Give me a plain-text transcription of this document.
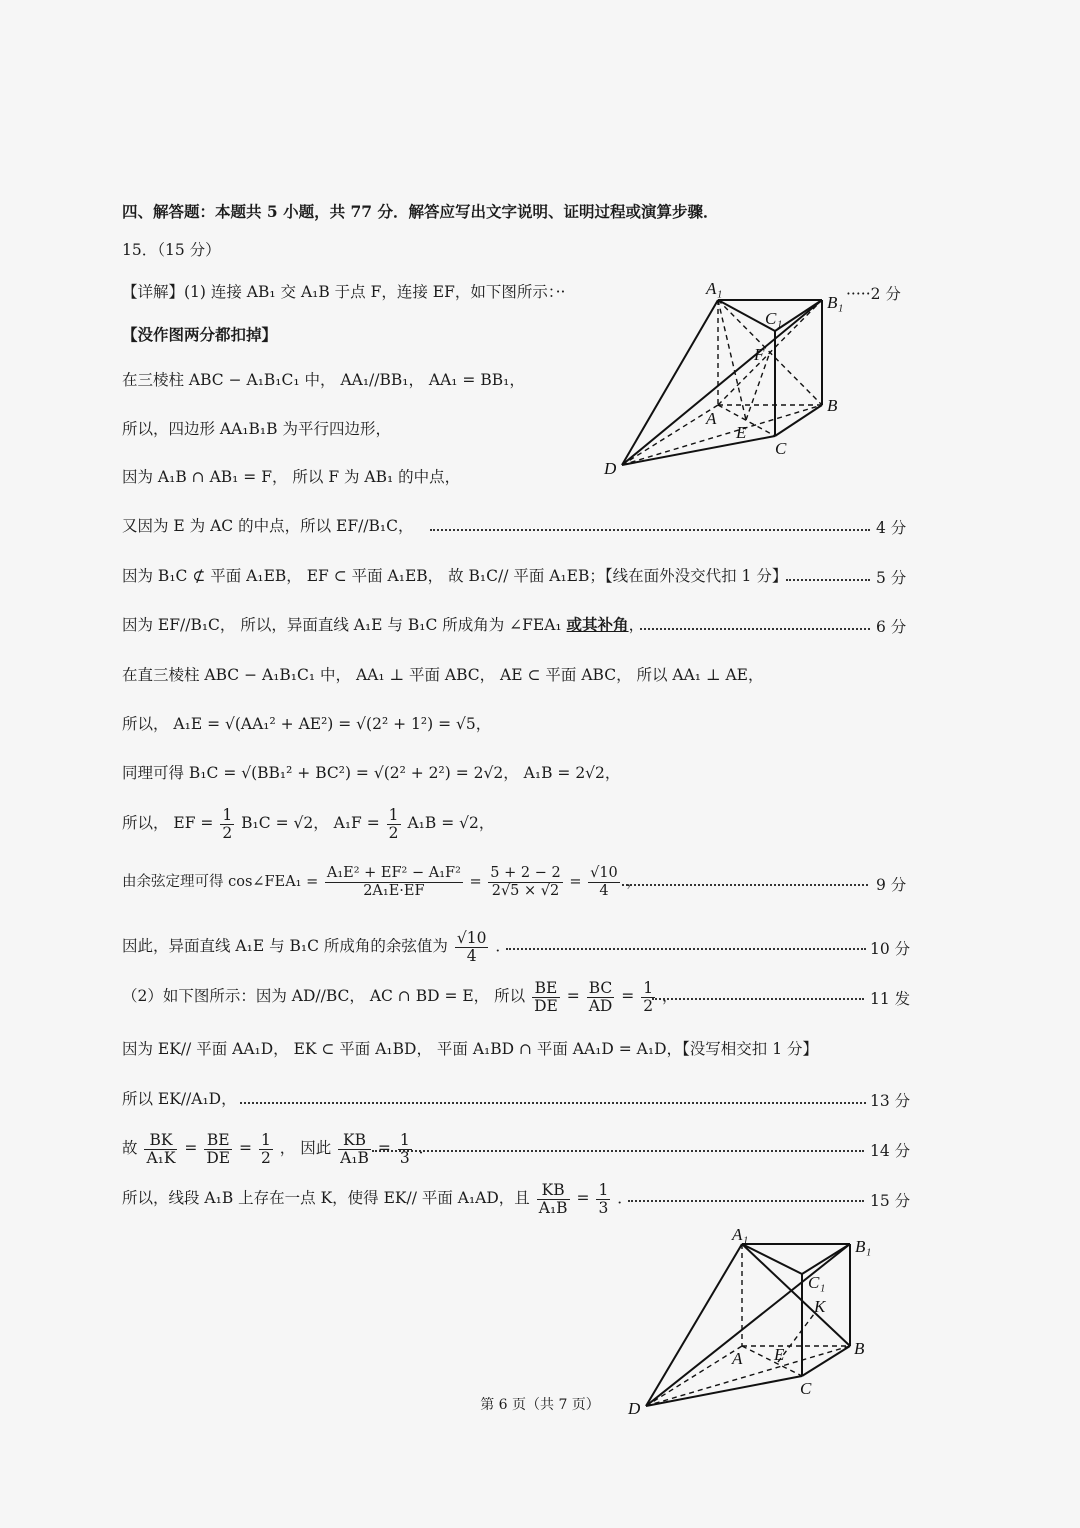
四、解答题：本题共 5 小题，共 77 分．解答应写出文字说明、证明过程或演算步骤．
15．（15 分）
【详解】(1) 连接 AB₁ 交 A₁B 于点 F，连接 EF，如下图所示：··	·····2 分
【没作图两分都扣掉】
在三棱柱 ABC − A₁B₁C₁ 中， AA₁//BB₁， AA₁ = BB₁，
所以，四边形 AA₁B₁B 为平行四边形，
因为 A₁B ∩ AB₁ = F， 所以 F 为 AB₁ 的中点，
又因为 E 为 AC 的中点，所以 EF//B₁C，	4 分
因为 B₁C ⊄ 平面 A₁EB， EF ⊂ 平面 A₁EB， 故 B₁C// 平面 A₁EB；【线在面外没交代扣 1 分】	5 分
因为 EF//B₁C， 所以，异面直线 A₁E 与 B₁C 所成角为 ∠FEA₁ 或其补角，	6 分
在直三棱柱 ABC − A₁B₁C₁ 中， AA₁ ⊥ 平面 ABC， AE ⊂ 平面 ABC， 所以 AA₁ ⊥ AE，
所以， A₁E = √(AA₁² + AE²) = √(2² + 1²) = √5，
同理可得 B₁C = √(BB₁² + BC²) = √(2² + 2²) = 2√2， A₁B = 2√2，
所以， EF = $\frac{1}{2} B_1C = √2$， $A_1F = \frac{1}{2} A_1B = √2$，
由余弦定理可得 cos∠FEA₁ = $\frac{\text{A₁E² + EF² − A₁F²}}{\text{2A₁E·EF}} = \frac{5 + 2 - 2}{2√5 \times √2} = \frac{√10}{4}$ ，	9 分
因此，异面直线 A₁E 与 B₁C 所成角的余弦值为 $\frac{√10}{4}$ ．	10 分
（2）如下图所示：因为 AD//BC， AC ∩ BD = E， 所以 $\frac{BE}{DE} = \frac{BC}{AD} = \frac{1}{2}$ ，	11 发
因为 EK// 平面 AA₁D， EK ⊂ 平面 A₁BD， 平面 A₁BD ∩ 平面 AA₁D = A₁D，【没写相交扣 1 分】
所以 EK//A₁D，	13 分
故 $\frac{BK}{\text{A₁K}} = \frac{BE}{DE} = \frac{1}{2}$ ， 因此 $\frac{KB}{\text{A₁B}} = \frac{1}{3}$ ．	14 分
所以，线段 A₁B 上存在一点 K，使得 EK// 平面 A₁AD，且 $\frac{KB}{\text{A₁B}} = \frac{1}{3}$ ．	15 分
A₁
B₁
C₁
F
A
E
B
C
D
A₁
B₁
C₁
K
A E	B
C
D
第 6 页（共 7 页）
